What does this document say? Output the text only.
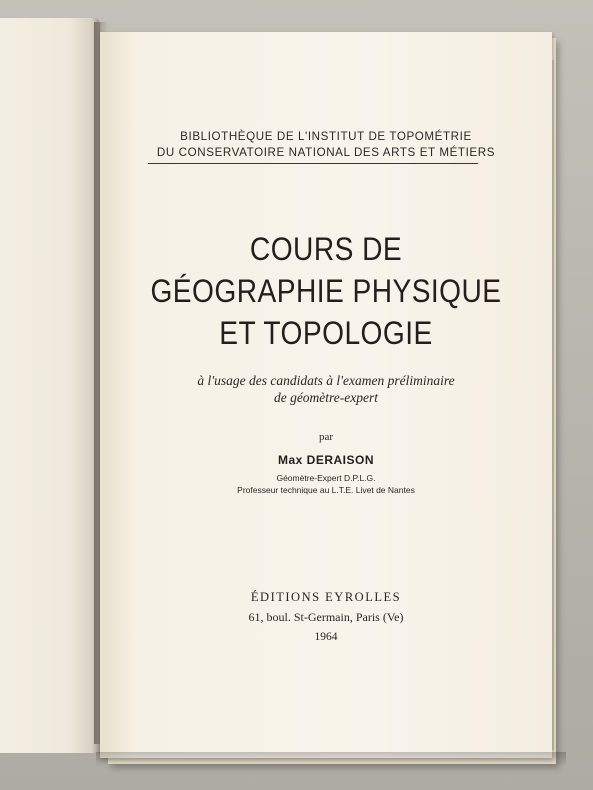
BIBLIOTHÈQUE DE L'INSTITUT DE TOPOMÉTRIE
DU CONSERVATOIRE NATIONAL DES ARTS ET MÉTIERS
COURS DE
GÉOGRAPHIE PHYSIQUE
ET TOPOLOGIE
à l'usage des candidats à l'examen préliminaire
de géomètre-expert
par
Max DERAISON
Géomètre-Expert D.P.L.G.
Professeur technique au L.T.E. Livet de Nantes
ÉDITIONS EYROLLES
61, boul. St-Germain, Paris (Ve)
1964
